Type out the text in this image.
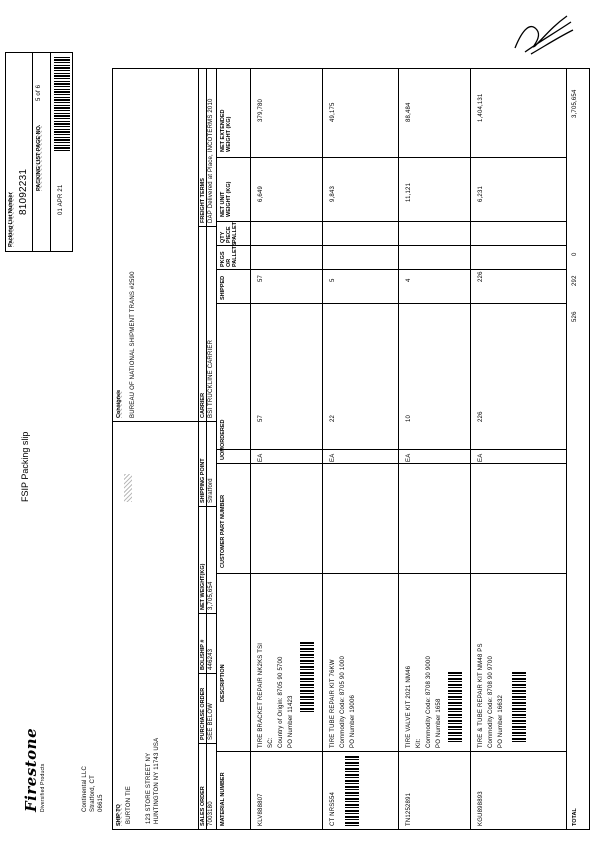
Firestone Diversified Products	Continental LLC Stratford, CT 06615
FSIP Packing slip
Packing List Number
81092231
PACKING LIST PAGE NO.
5 of 6
01 APR 21
SHIP TO BURTON TIE 123 STORE STREET NY HUNTINGTON NY 11743 USA
Consignee BUREAU OF NATIONAL SHIPMENT TRANS #2590
SALES ORDER 7003180
PURCHASE ORDER SEE BELOW
BOL/SHIP # 446243
NET WEIGHT(KG) 3,705,654
SHIPPING POINT Stratford
CARRIER BSI TRUCKLINE CARRIER
FREIGHT TERMS DAP Delivered at Place, INCOTERMS 2010
MATERIAL NUMBER
DESCRIPTION
CUSTOMER PART NUMBER
UOM
ORDERED
SHIPPED
PKGS OR PALLETS
QTY PIECE PALLET
NET UNIT WEIGHT (KG)
NET EXTENDED WEIGHT (KG)
KLV888807
TIRE BRACKET REPAIR NK2KS TSI SC: Country of Origin: 8705 90 5700 PO Number 11423
EA
57
57
6,649
379,780
CT NRS554
TIRE TUBE REPAIR KIT 76KW Commodity Code: 8705 90 1000 PO Number 19006
EA
22
5
9,843
49,175
TN1252891
TIRE VALVE KIT 2021 NM46 Kit: Commodity Code: 8708 30 9000 PO Number 1658
EA
10
4
11,121
88,484
KGU898893
TIRE & TUBE REPAIR KIT NM48 PS Commodity Code: 8708 90 9700 PO Number 16632
EA
226
226
6,231
1,404,131
TOTAL
526
292
0
3,705,654
